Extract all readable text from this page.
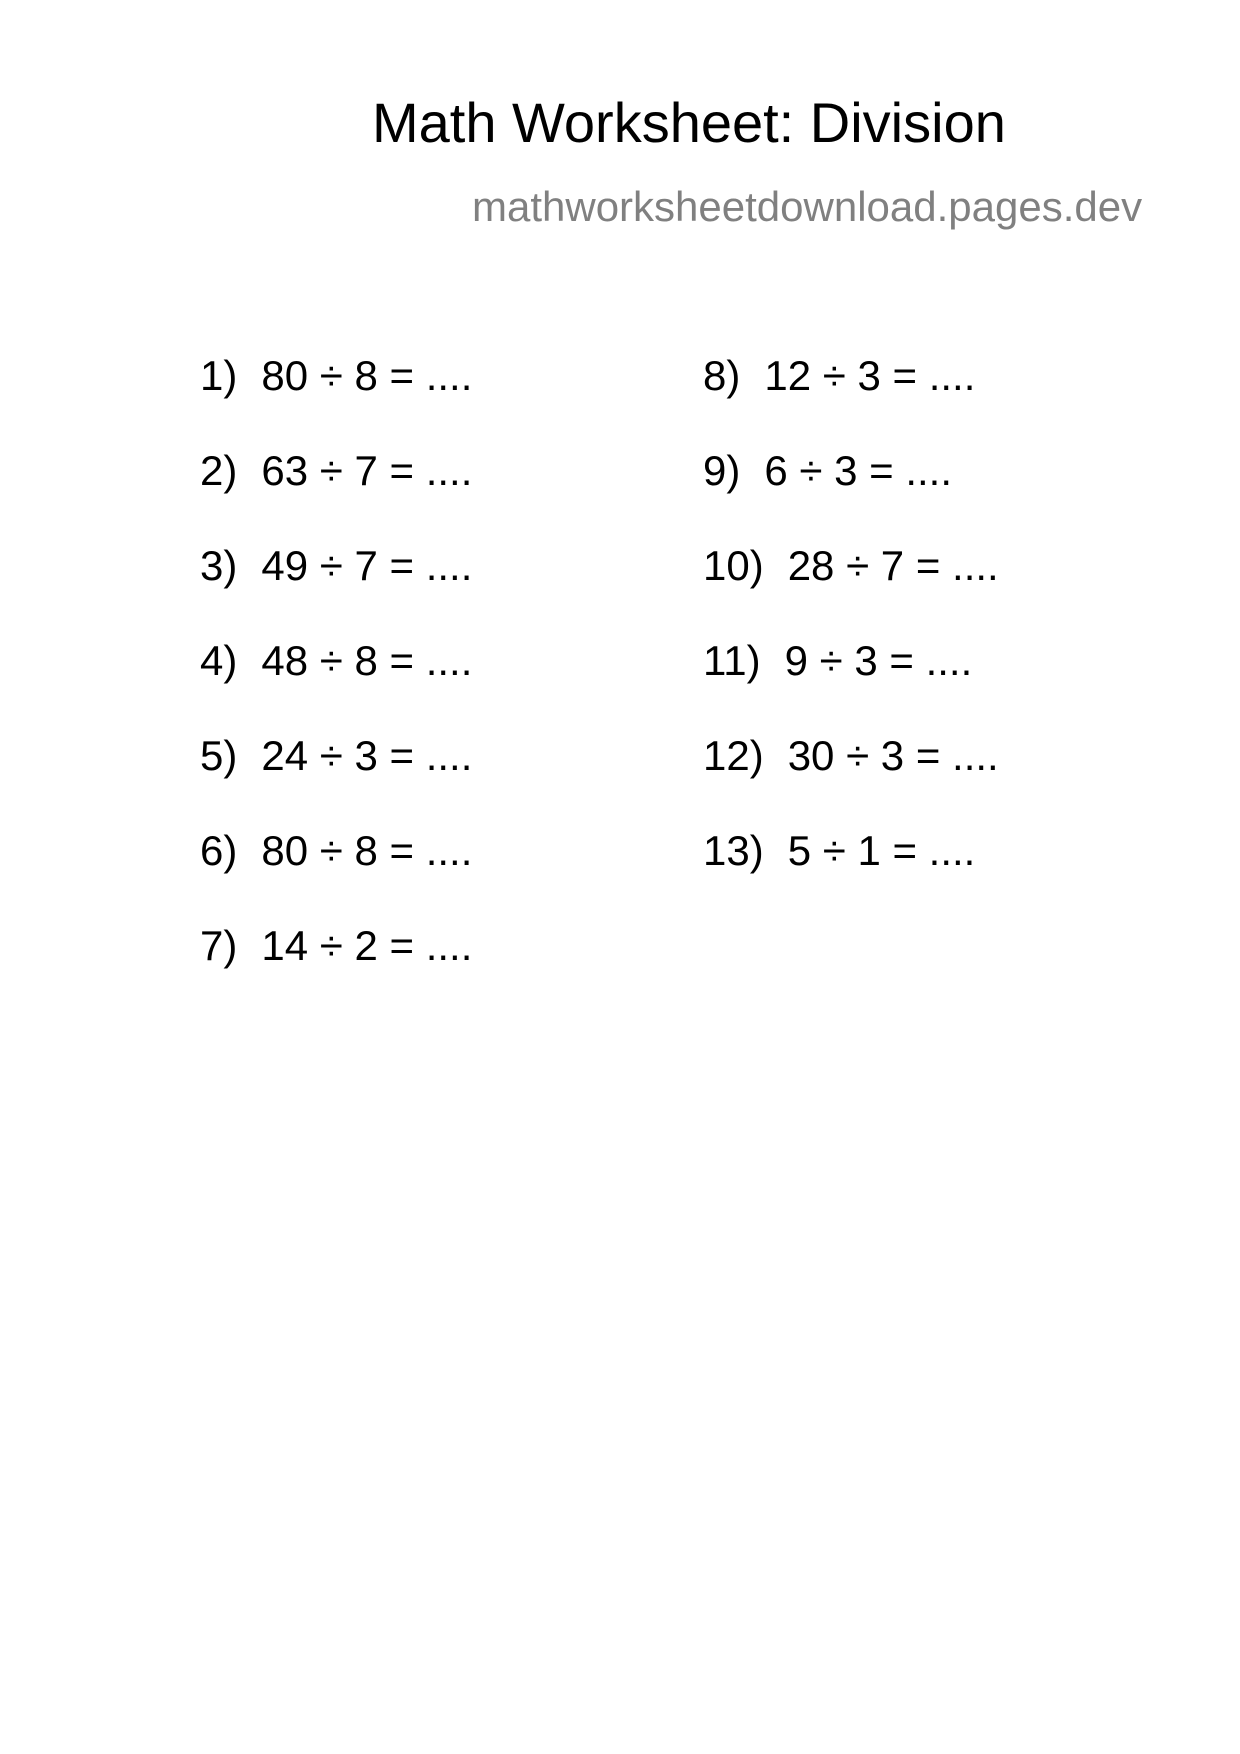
Math Worksheet: Division
mathworksheetdownload.pages.dev
1) 80 ÷ 8 = ....
2) 63 ÷ 7 = ....
3) 49 ÷ 7 = ....
4) 48 ÷ 8 = ....
5) 24 ÷ 3 = ....
6) 80 ÷ 8 = ....
7) 14 ÷ 2 = ....
8) 12 ÷ 3 = ....
9) 6 ÷ 3 = ....
10) 28 ÷ 7 = ....
11) 9 ÷ 3 = ....
12) 30 ÷ 3 = ....
13) 5 ÷ 1 = ....
